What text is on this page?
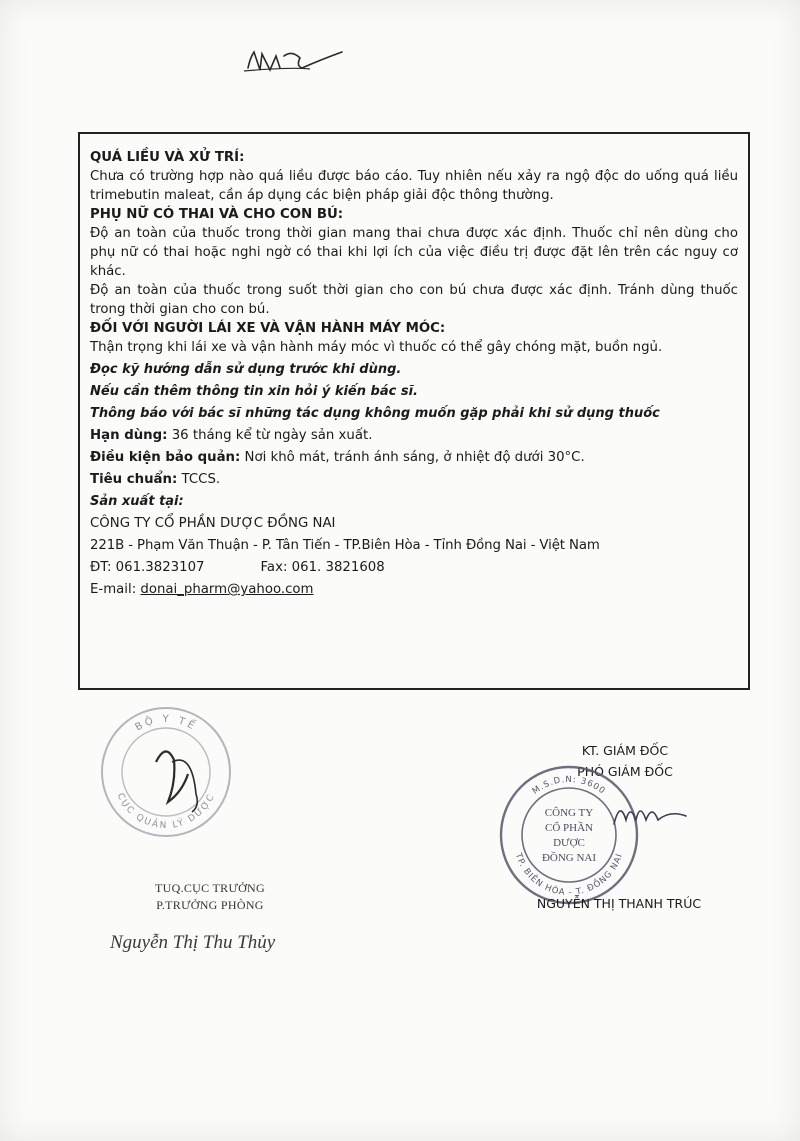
QUÁ LIỀU VÀ XỬ TRÍ:

Chưa có trường hợp nào quá liều được báo cáo. Tuy nhiên nếu xảy ra ngộ độc do uống quá liều trimebutin maleat, cần áp dụng các biện pháp giải độc thông thường.

PHỤ NỮ CÓ THAI VÀ CHO CON BÚ:

Độ an toàn của thuốc trong thời gian mang thai chưa được xác định. Thuốc chỉ nên dùng cho phụ nữ có thai hoặc nghi ngờ có thai khi lợi ích của việc điều trị được đặt lên trên các nguy cơ khác.

Độ an toàn của thuốc trong suốt thời gian cho con bú chưa được xác định. Tránh dùng thuốc trong thời gian cho con bú.

ĐỐI VỚI NGƯỜI LÁI XE VÀ VẬN HÀNH MÁY MÓC:

Thận trọng khi lái xe và vận hành máy móc vì thuốc có thể gây chóng mặt, buồn ngủ.

Đọc kỹ hướng dẫn sử dụng trước khi dùng.

Nếu cần thêm thông tin xin hỏi ý kiến bác sĩ.

Thông báo với bác sĩ những tác dụng không muốn gặp phải khi sử dụng thuốc

Hạn dùng: 36 tháng kể từ ngày sản xuất.

Điều kiện bảo quản: Nơi khô mát, tránh ánh sáng, ở nhiệt độ dưới 30°C.

Tiêu chuẩn: TCCS.

Sản xuất tại:

CÔNG TY CỔ PHẦN DƯỢC ĐỒNG NAI

221B - Phạm Văn Thuận - P. Tân Tiến - TP.Biên Hòa - Tỉnh Đồng Nai - Việt Nam

ĐT: 061.3823107	Fax: 061. 3821608

E-mail: donai_pharm@yahoo.com

BỘ Y TẾ
CỤC QUẢN LÝ DƯỢC
TUQ.CỤC TRƯỞNG
P.TRƯỞNG PHÒNG
Nguyễn Thị Thu Thủy
KT. GIÁM ĐỐC
PHÓ GIÁM ĐỐC
M.S.D.N: 3600
TP. BIÊN HÒA - T. ĐỒNG NAI
CÔNG TY
CỔ PHẦN
DƯỢC
ĐỒNG NAI
NGUYỄN THỊ THANH TRÚC
